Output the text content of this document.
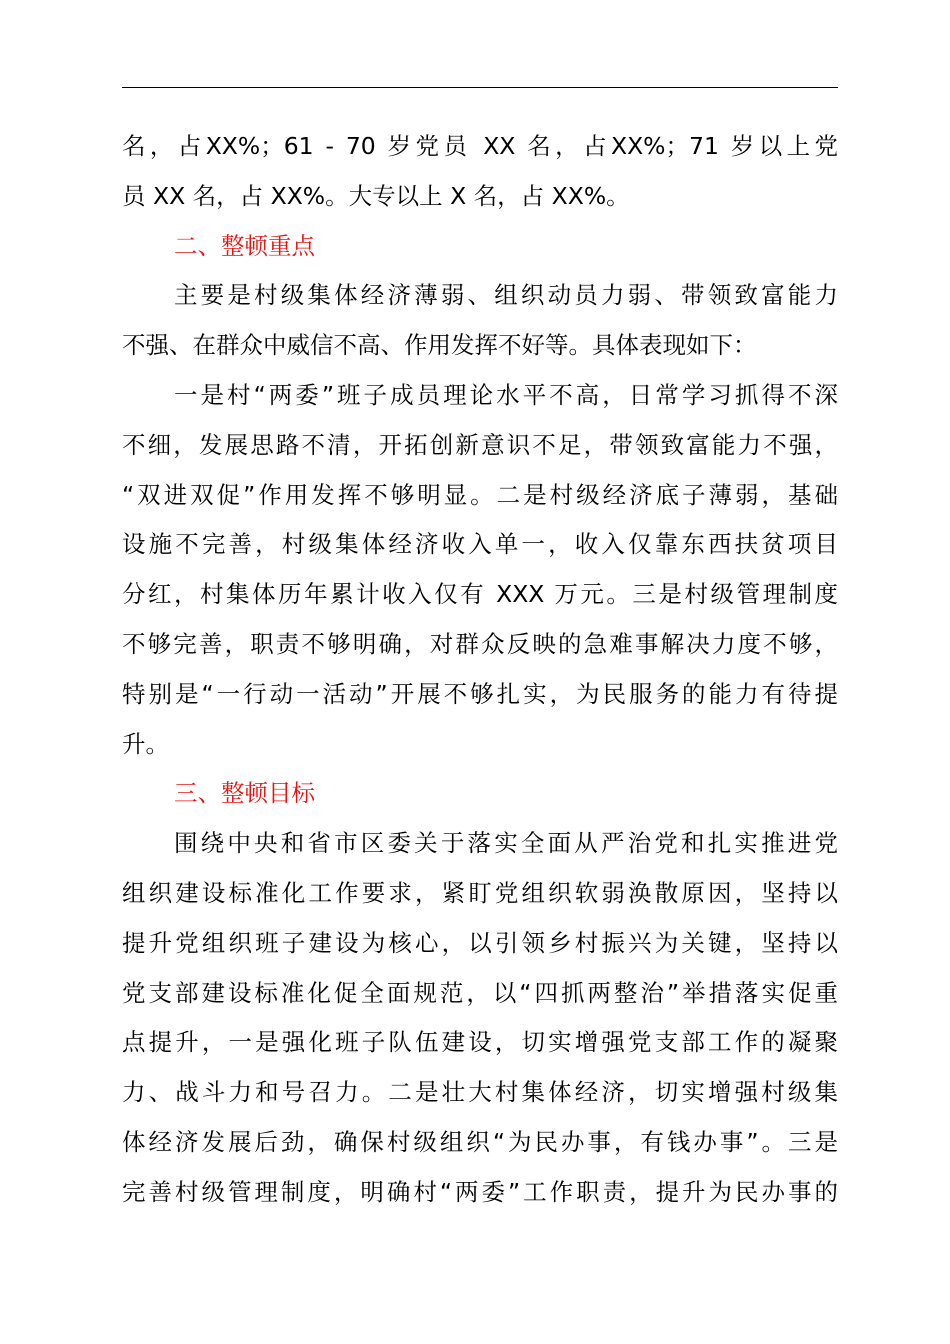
名，占XX%；61 - 70 岁党员 XX 名，占XX%；71 岁以上党
员 XX 名，占 XX%。大专以上 X 名，占 XX%。
二、整顿重点
主要是村级集体经济薄弱、组织动员力弱、带领致富能力
不强、在群众中威信不高、作用发挥不好等。具体表现如下：
一是村“两委”班子成员理论水平不高，日常学习抓得不深
不细，发展思路不清，开拓创新意识不足，带领致富能力不强，
“双进双促”作用发挥不够明显。二是村级经济底子薄弱，基础
设施不完善，村级集体经济收入单一，收入仅靠东西扶贫项目
分红，村集体历年累计收入仅有 XXX 万元。三是村级管理制度
不够完善，职责不够明确，对群众反映的急难事解决力度不够，
特别是“一行动一活动”开展不够扎实，为民服务的能力有待提
升。
三、整顿目标
围绕中央和省市区委关于落实全面从严治党和扎实推进党
组织建设标准化工作要求，紧盯党组织软弱涣散原因，坚持以
提升党组织班子建设为核心，以引领乡村振兴为关键，坚持以
党支部建设标准化促全面规范，以“四抓两整治”举措落实促重
点提升，一是强化班子队伍建设，切实增强党支部工作的凝聚
力、战斗力和号召力。二是壮大村集体经济，切实增强村级集
体经济发展后劲，确保村级组织“为民办事，有钱办事”。三是
完善村级管理制度，明确村“两委”工作职责，提升为民办事的
